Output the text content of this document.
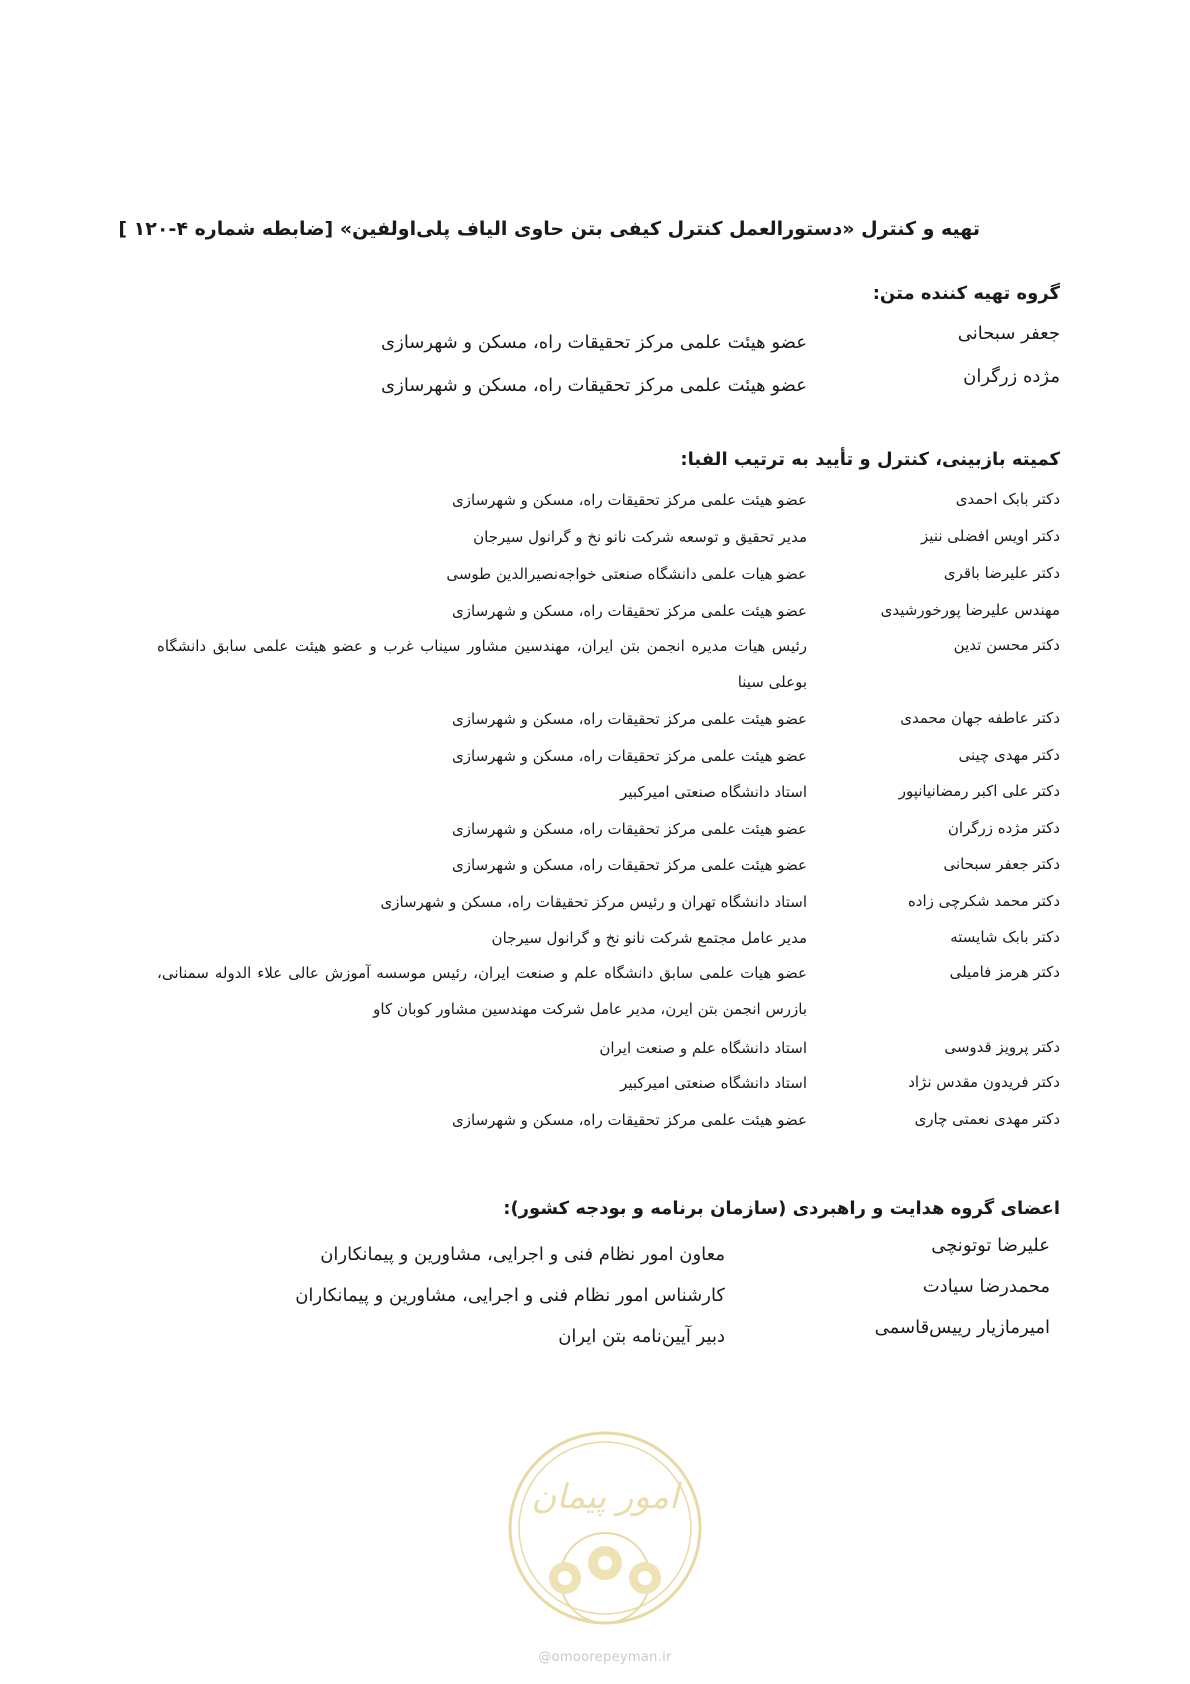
تهیه و کنترل «دستورالعمل کنترل کیفی بتن حاوی الیاف پلی‌اولفین» [ضابطه شماره ۴-۱۲۰ ]
گروه تهیه کننده متن:
جعفر سبحانی
عضو هیئت علمی مرکز تحقیقات راه، مسکن و شهرسازی
مژده زرگران
عضو هیئت علمی مرکز تحقیقات راه، مسکن و شهرسازی
کمیته بازبینی، کنترل و تأیید به ترتیب الفبا:
دکتر بابک احمدی
عضو هیئت علمی مرکز تحقیقات راه، مسکن و شهرسازی
دکتر اویس افضلی ننیز
مدیر تحقیق و توسعه شرکت نانو نخ و گرانول سیرجان
دکتر علیرضا باقری
عضو هیات علمی دانشگاه صنعتی خواجه‌نصیرالدین طوسی
مهندس علیرضا پورخورشیدی
عضو هیئت علمی مرکز تحقیقات راه، مسکن و شهرسازی
دکتر محسن تدین
رئیس هیات مدیره انجمن بتن ایران، مهندسین مشاور سیناب غرب و عضو هیئت علمی سابق دانشگاه بوعلی سینا
دکتر عاطفه جهان محمدی
عضو هیئت علمی مرکز تحقیقات راه، مسکن و شهرسازی
دکتر مهدی چینی
عضو هیئت علمی مرکز تحقیقات راه، مسکن و شهرسازی
دکتر علی اکبر رمضانیانپور
استاد دانشگاه صنعتی امیرکبیر
دکتر مژده زرگران
عضو هیئت علمی مرکز تحقیقات راه، مسکن و شهرسازی
دکتر جعفر سبحانی
عضو هیئت علمی مرکز تحقیقات راه، مسکن و شهرسازی
دکتر محمد شکرچی زاده
استاد دانشگاه تهران و رئیس مرکز تحقیقات راه، مسکن و شهرسازی
دکتر بابک شایسته
مدیر عامل مجتمع شرکت نانو نخ و گرانول سیرجان
دکتر هرمز فامیلی
عضو هیات علمی سابق دانشگاه علم و صنعت ایران، رئیس موسسه آموزش عالی علاء الدوله سمنانی، بازرس انجمن بتن ایرن، مدیر عامل شرکت مهندسین مشاور کوبان کاو
دکتر پرویز قدوسی
استاد دانشگاه علم و صنعت ایران
دکتر فریدون مقدس نژاد
استاد دانشگاه صنعتی امیرکبیر
دکتر مهدی نعمتی چاری
عضو هیئت علمی مرکز تحقیقات راه، مسکن و شهرسازی
اعضای گروه هدایت و راهبردی (سازمان برنامه و بودجه کشور):
علیرضا توتونچی
معاون امور نظام فنی و اجرایی، مشاورین و پیمانکاران
محمدرضا سیادت
کارشناس امور نظام فنی و اجرایی، مشاورین و پیمانکاران
امیرمازیار رییس‌قاسمی
دبیر آیین‌نامه بتن ایران
امور پیمان
@omoorepeyman.ir
